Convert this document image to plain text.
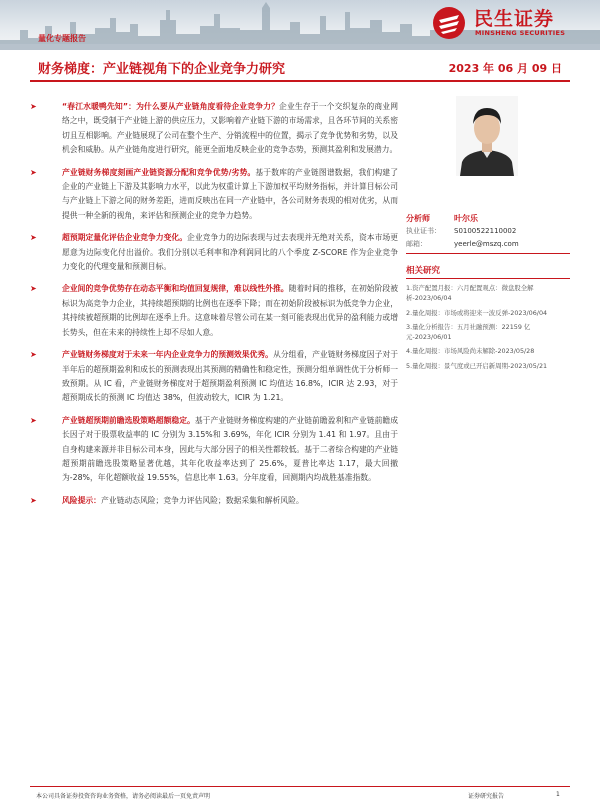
民生证券
MINSHENG SECURITIES
量化专题报告
财务梯度：产业链视角下的企业竞争力研究	2023 年 06 月 09 日
➤	“春江水暖鸭先知”：为什么要从产业链角度看待企业竞争力？企业生存于一个交织复杂的商业网络之中，既受制于产业链上游的供应压力，又影响着产业链下游的市场需求，且各环节间的关系密切且互相影响。产业链展现了公司在整个生产、分销流程中的位置，揭示了竞争优势和劣势，以及机会和威胁。从产业链角度进行研究，能更全面地反映企业的竞争态势，预测其盈利和发展潜力。
➤	产业链财务梯度刻画产业链资源分配和竞争优势/劣势。基于数库的产业链图谱数据，我们构建了企业的产业链上下游及其影响力水平，以此为权重计算上下游加权平均财务指标，并计算目标公司与产业链上下游之间的财务差距，进而反映出在同一产业链中，各公司财务表现的相对优劣，从而提供一种全新的视角，来评估和预测企业的竞争力趋势。
➤	超预期定量化评估企业竞争力变化。企业竞争力的边际表现与过去表现并无绝对关系，资本市场更愿意为边际变化付出溢价。我们分别以毛利率和净利润同比的八个季度 Z-SCORE 作为企业竞争力变化的代理变量和预测目标。
➤	企业间的竞争优势存在动态平衡和均值回复规律，难以线性外推。随着时间的推移，在初始阶段被标识为高竞争力企业，其持续超预期的比例也在逐季下降；而在初始阶段被标识为低竞争力企业，其持续被超预期的比例却在逐季上升。这意味着尽管公司在某一刻可能表现出优异的盈利能力或增长势头，但在未来的持续性上却不尽如人意。
➤	产业链财务梯度对于未来一年内企业竞争力的预测效果优秀。从分组看，产业链财务梯度因子对于半年后的超预期盈利和成长的预测表现出其预测的精确性和稳定性，预测分组单调性优于分析师一致预期。从 IC 看，产业链财务梯度对于超预期盈利预测 IC 均值达 16.8%，ICIR 达 2.93，对于超预期成长的预测 IC 均值达 38%，但波动较大，ICIR 为 1.21。
➤	产业链超预期前瞻选股策略超额稳定。基于产业链财务梯度构建的产业链前瞻盈利和产业链前瞻成长因子对于股票收益率的 IC 分别为 3.15%和 3.69%，年化 ICIR 分别为 1.41 和 1.97。且由于自身构建来源并非目标公司本身，因此与大部分因子的相关性都较低。基于二者综合构建的产业链超预期前瞻选股策略显著优越，其年化收益率达到了 25.6%，夏普比率达 1.17，最大回撤为-28%，年化超额收益 19.55%，信息比率 1.63。分年度看，回测期内均战胜基准指数。
➤	风险提示：产业链动态风险；竞争力评估风险；数据采集和解析风险。
分析师	叶尔乐
执业证书： S0100522110002
邮箱：	yeerle@mszq.com
相关研究
1.资产配置月报：六月配置观点：微盘股全解析-2023/06/04
2.量化周报：市场或将迎来一波反弹-2023/06/04
3.量化分析报告：五月社融预测：22159 亿元-2023/06/01
4.量化周报：市场风险尚未解除-2023/05/28
5.量化周报：景气度或已开启新周期-2023/05/21
本公司具备证券投资咨询业务资格，请务必阅读最后一页免责声明	证券研究报告	1
